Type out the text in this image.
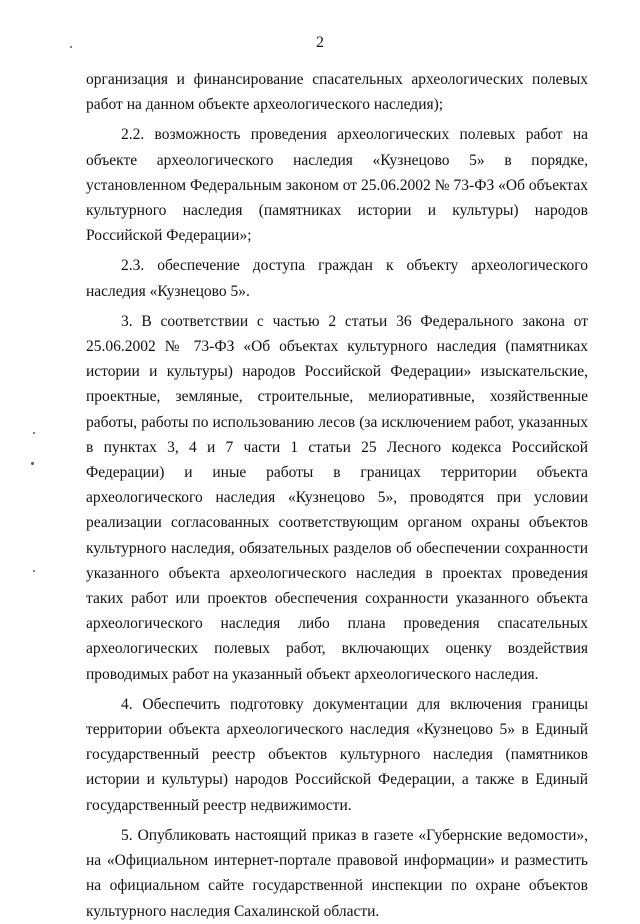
2

организация и финансирование спасательных археологических полевых работ на данном объекте археологического наследия);

2.2. возможность проведения археологических полевых работ на объекте археологического наследия «Кузнецово 5» в порядке, установленном Федеральным законом от 25.06.2002 № 73-ФЗ «Об объектах культурного наследия (памятниках истории и культуры) народов Российской Федерации»;

2.3. обеспечение доступа граждан к объекту археологического наследия «Кузнецово 5».

3. В соответствии с частью 2 статьи 36 Федерального закона от 25.06.2002 № 73-ФЗ «Об объектах культурного наследия (памятниках истории и культуры) народов Российской Федерации» изыскательские, проектные, земляные, строительные, мелиоративные, хозяйственные работы, работы по использованию лесов (за исключением работ, указанных в пунктах 3, 4 и 7 части 1 статьи 25 Лесного кодекса Российской Федерации) и иные работы в границах территории объекта археологического наследия «Кузнецово 5», проводятся при условии реализации согласованных соответствующим органом охраны объектов культурного наследия, обязательных разделов об обеспечении сохранности указанного объекта археологического наследия в проектах проведения таких работ или проектов обеспечения сохранности указанного объекта археологического наследия либо плана проведения спасательных археологических полевых работ, включающих оценку воздействия проводимых работ на указанный объект археологического наследия.

4. Обеспечить подготовку документации для включения границы территории объекта археологического наследия «Кузнецово 5» в Единый государственный реестр объектов культурного наследия (памятников истории и культуры) народов Российской Федерации, а также в Единый государственный реестр недвижимости.

5. Опубликовать настоящий приказ в газете «Губернские ведомости», на «Официальном интернет-портале правовой информации» и разместить на официальном сайте государственной инспекции по охране объектов культурного наследия Сахалинской области.
